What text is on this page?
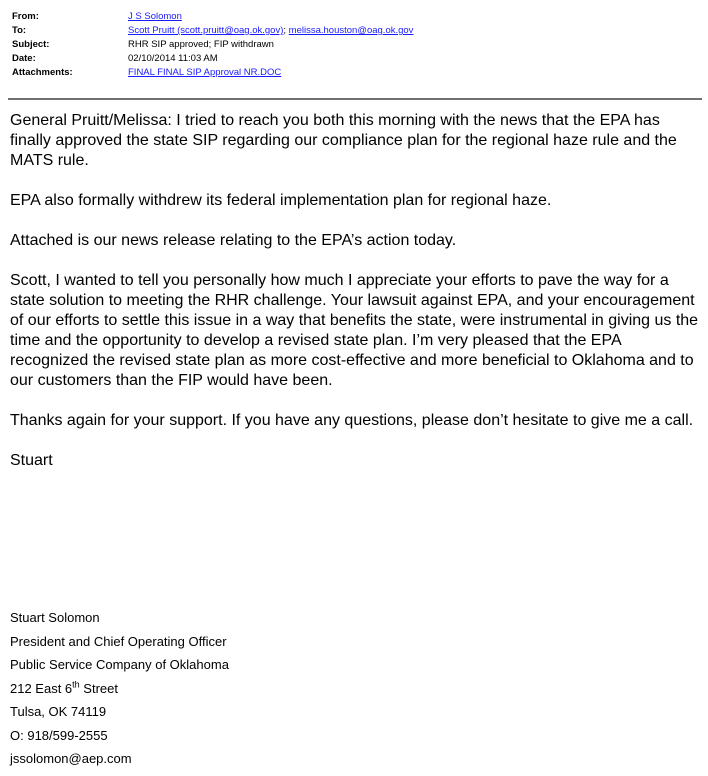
From:	J S Solomon
To:	Scott Pruitt (scott.pruitt@oag.ok.gov); melissa.houston@oag.ok.gov
Subject:	RHR SIP approved; FIP withdrawn
Date:	02/10/2014 11:03 AM
Attachments:	FINAL FINAL SIP Approval NR.DOC

General Pruitt/Melissa: I tried to reach you both this morning with the news that the EPA has finally approved the state SIP regarding our compliance plan for the regional haze rule and the MATS rule.

EPA also formally withdrew its federal implementation plan for regional haze.

Attached is our news release relating to the EPA’s action today.

Scott, I wanted to tell you personally how much I appreciate your efforts to pave the way for a state solution to meeting the RHR challenge. Your lawsuit against EPA, and your encouragement of our efforts to settle this issue in a way that benefits the state, were instrumental in giving us the time and the opportunity to develop a revised state plan. I’m very pleased that the EPA recognized the revised state plan as more cost-effective and more beneficial to Oklahoma and to our customers than the FIP would have been.

Thanks again for your support. If you have any questions, please don’t hesitate to give me a call.

Stuart

Stuart Solomon
President and Chief Operating Officer
Public Service Company of Oklahoma
212 East 6th Street
Tulsa, OK 74119
O: 918/599-2555
jssolomon@aep.com
